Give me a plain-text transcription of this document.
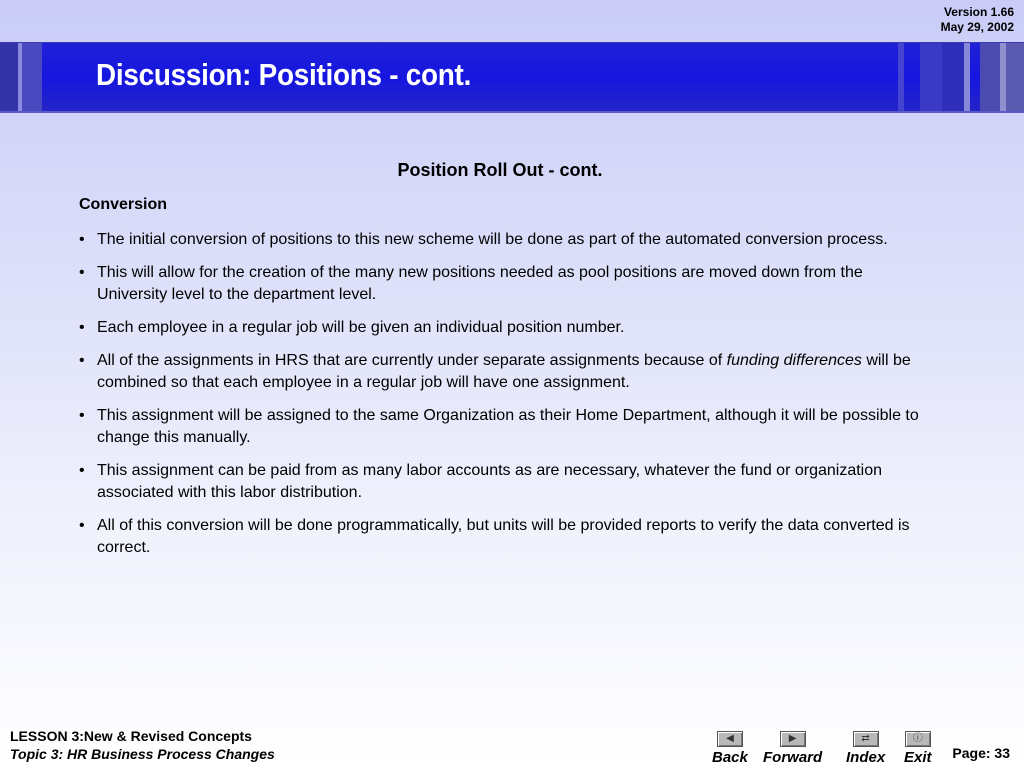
Version 1.66
May 29, 2002
Discussion: Positions - cont.
Position Roll Out - cont.
Conversion
• The initial conversion of positions to this new scheme will be done as part of the automated conversion process.
• This will allow for the creation of the many new positions needed as pool positions are moved down from the University level to the department level.
• Each employee in a regular job will be given an individual position number.
• All of the assignments in HRS that are currently under separate assignments because of funding differences will be combined so that each employee in a regular job will have one assignment.
• This assignment will be assigned to the same Organization as their Home Department, although it will be possible to change this manually.
• This assignment can be paid from as many labor accounts as are necessary, whatever the fund or organization associated with this labor distribution.
• All of this conversion will be done programmatically, but units will be provided reports to verify the data converted is correct.
LESSON 3:New & Revised Concepts
Topic 3: HR Business Process Changes
◀
Back
▶
Forward
⇄
Index
ⓘ
Exit Page: 33
